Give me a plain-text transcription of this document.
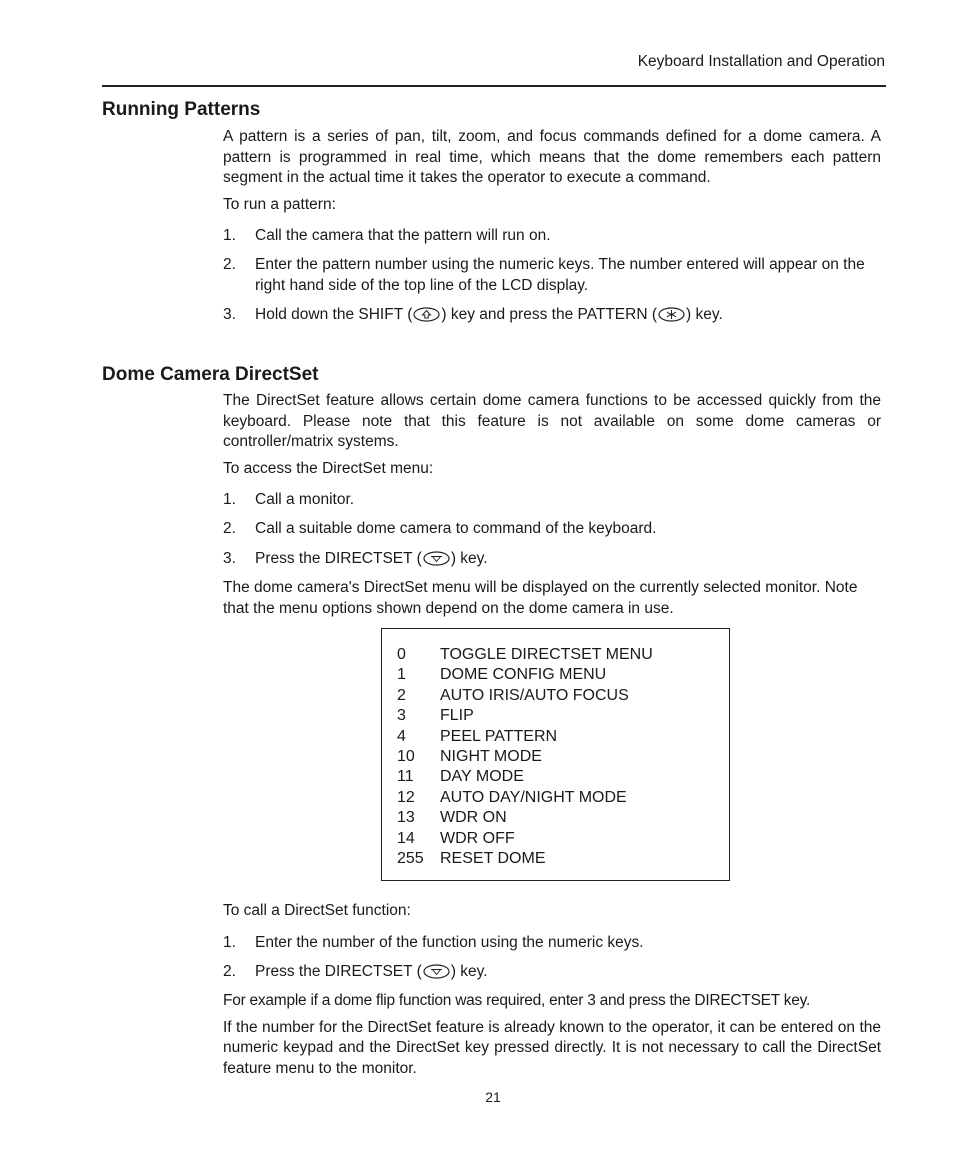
Keyboard Installation and Operation
Running Patterns

A pattern is a series of pan, tilt, zoom, and focus commands defined for a dome camera. A pattern is programmed in real time, which means that the dome remembers each pattern segment in the actual time it takes the operator to execute a command.

To run a pattern:

1.	Call the camera that the pattern will run on.
2.	Enter the pattern number using the numeric keys. The number entered will appear on the right hand side of the top line of the LCD display.
3.	Hold down the SHIFT ( ) key and press the PATTERN ( ) key.
Dome Camera DirectSet

The DirectSet feature allows certain dome camera functions to be accessed quickly from the keyboard. Please note that this feature is not available on some dome cameras or controller/matrix systems.

To access the DirectSet menu:

1.	Call a monitor.
2.	Call a suitable dome camera to command of the keyboard.
3.	Press the DIRECTSET ( ) key.

The dome camera's DirectSet menu will be displayed on the currently selected monitor. Note that the menu options shown depend on the dome camera in use.

0	TOGGLE DIRECTSET MENU
1	DOME CONFIG MENU
2	AUTO IRIS/AUTO FOCUS
3	FLIP
4	PEEL PATTERN
10	NIGHT MODE
11	DAY MODE
12	AUTO DAY/NIGHT MODE
13	WDR ON
14	WDR OFF
255	RESET DOME

To call a DirectSet function:

1.	Enter the number of the function using the numeric keys.
2.	Press the DIRECTSET ( ) key.

For example if a dome flip function was required, enter 3 and press the DIRECTSET key.

If the number for the DirectSet feature is already known to the operator, it can be entered on the numeric keypad and the DirectSet key pressed directly. It is not necessary to call the DirectSet feature menu to the monitor.

21
